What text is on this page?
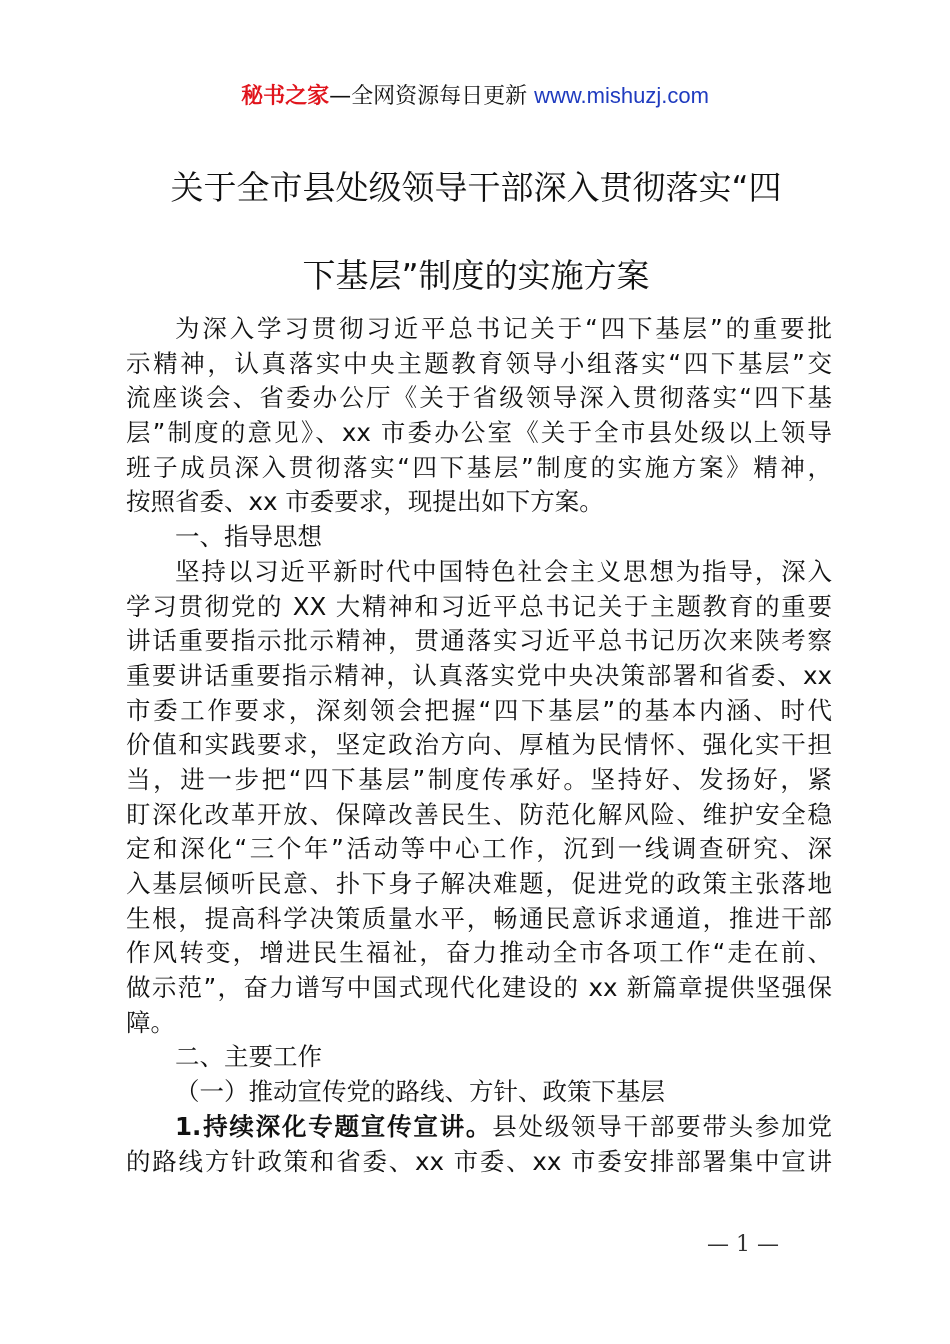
秘书之家—全网资源每日更新 www.mishuzj.com
关于全市县处级领导干部深入贯彻落实“四
下基层”制度的实施方案
为深入学习贯彻习近平总书记关于“四下基层”的重要批
示精神，认真落实中央主题教育领导小组落实“四下基层”交
流座谈会、省委办公厅《关于省级领导深入贯彻落实“四下基
层”制度的意见》、xx 市委办公室《关于全市县处级以上领导
班子成员深入贯彻落实“四下基层”制度的实施方案》精神，
按照省委、xx 市委要求，现提出如下方案。
一、指导思想
坚持以习近平新时代中国特色社会主义思想为指导，深入
学习贯彻党的 XX 大精神和习近平总书记关于主题教育的重要
讲话重要指示批示精神，贯通落实习近平总书记历次来陕考察
重要讲话重要指示精神，认真落实党中央决策部署和省委、xx
市委工作要求，深刻领会把握“四下基层”的基本内涵、时代
价值和实践要求，坚定政治方向、厚植为民情怀、强化实干担
当，进一步把“四下基层”制度传承好。坚持好、发扬好，紧
盯深化改革开放、保障改善民生、防范化解风险、维护安全稳
定和深化“三个年”活动等中心工作，沉到一线调查研究、深
入基层倾听民意、扑下身子解决难题，促进党的政策主张落地
生根，提高科学决策质量水平，畅通民意诉求通道，推进干部
作风转变，增进民生福祉，奋力推动全市各项工作“走在前、
做示范”，奋力谱写中国式现代化建设的 xx 新篇章提供坚强保
障。
二、主要工作
（一）推动宣传党的路线、方针、政策下基层
1.持续深化专题宣传宣讲。县处级领导干部要带头参加党
的路线方针政策和省委、xx 市委、xx 市委安排部署集中宣讲
— 1 —
